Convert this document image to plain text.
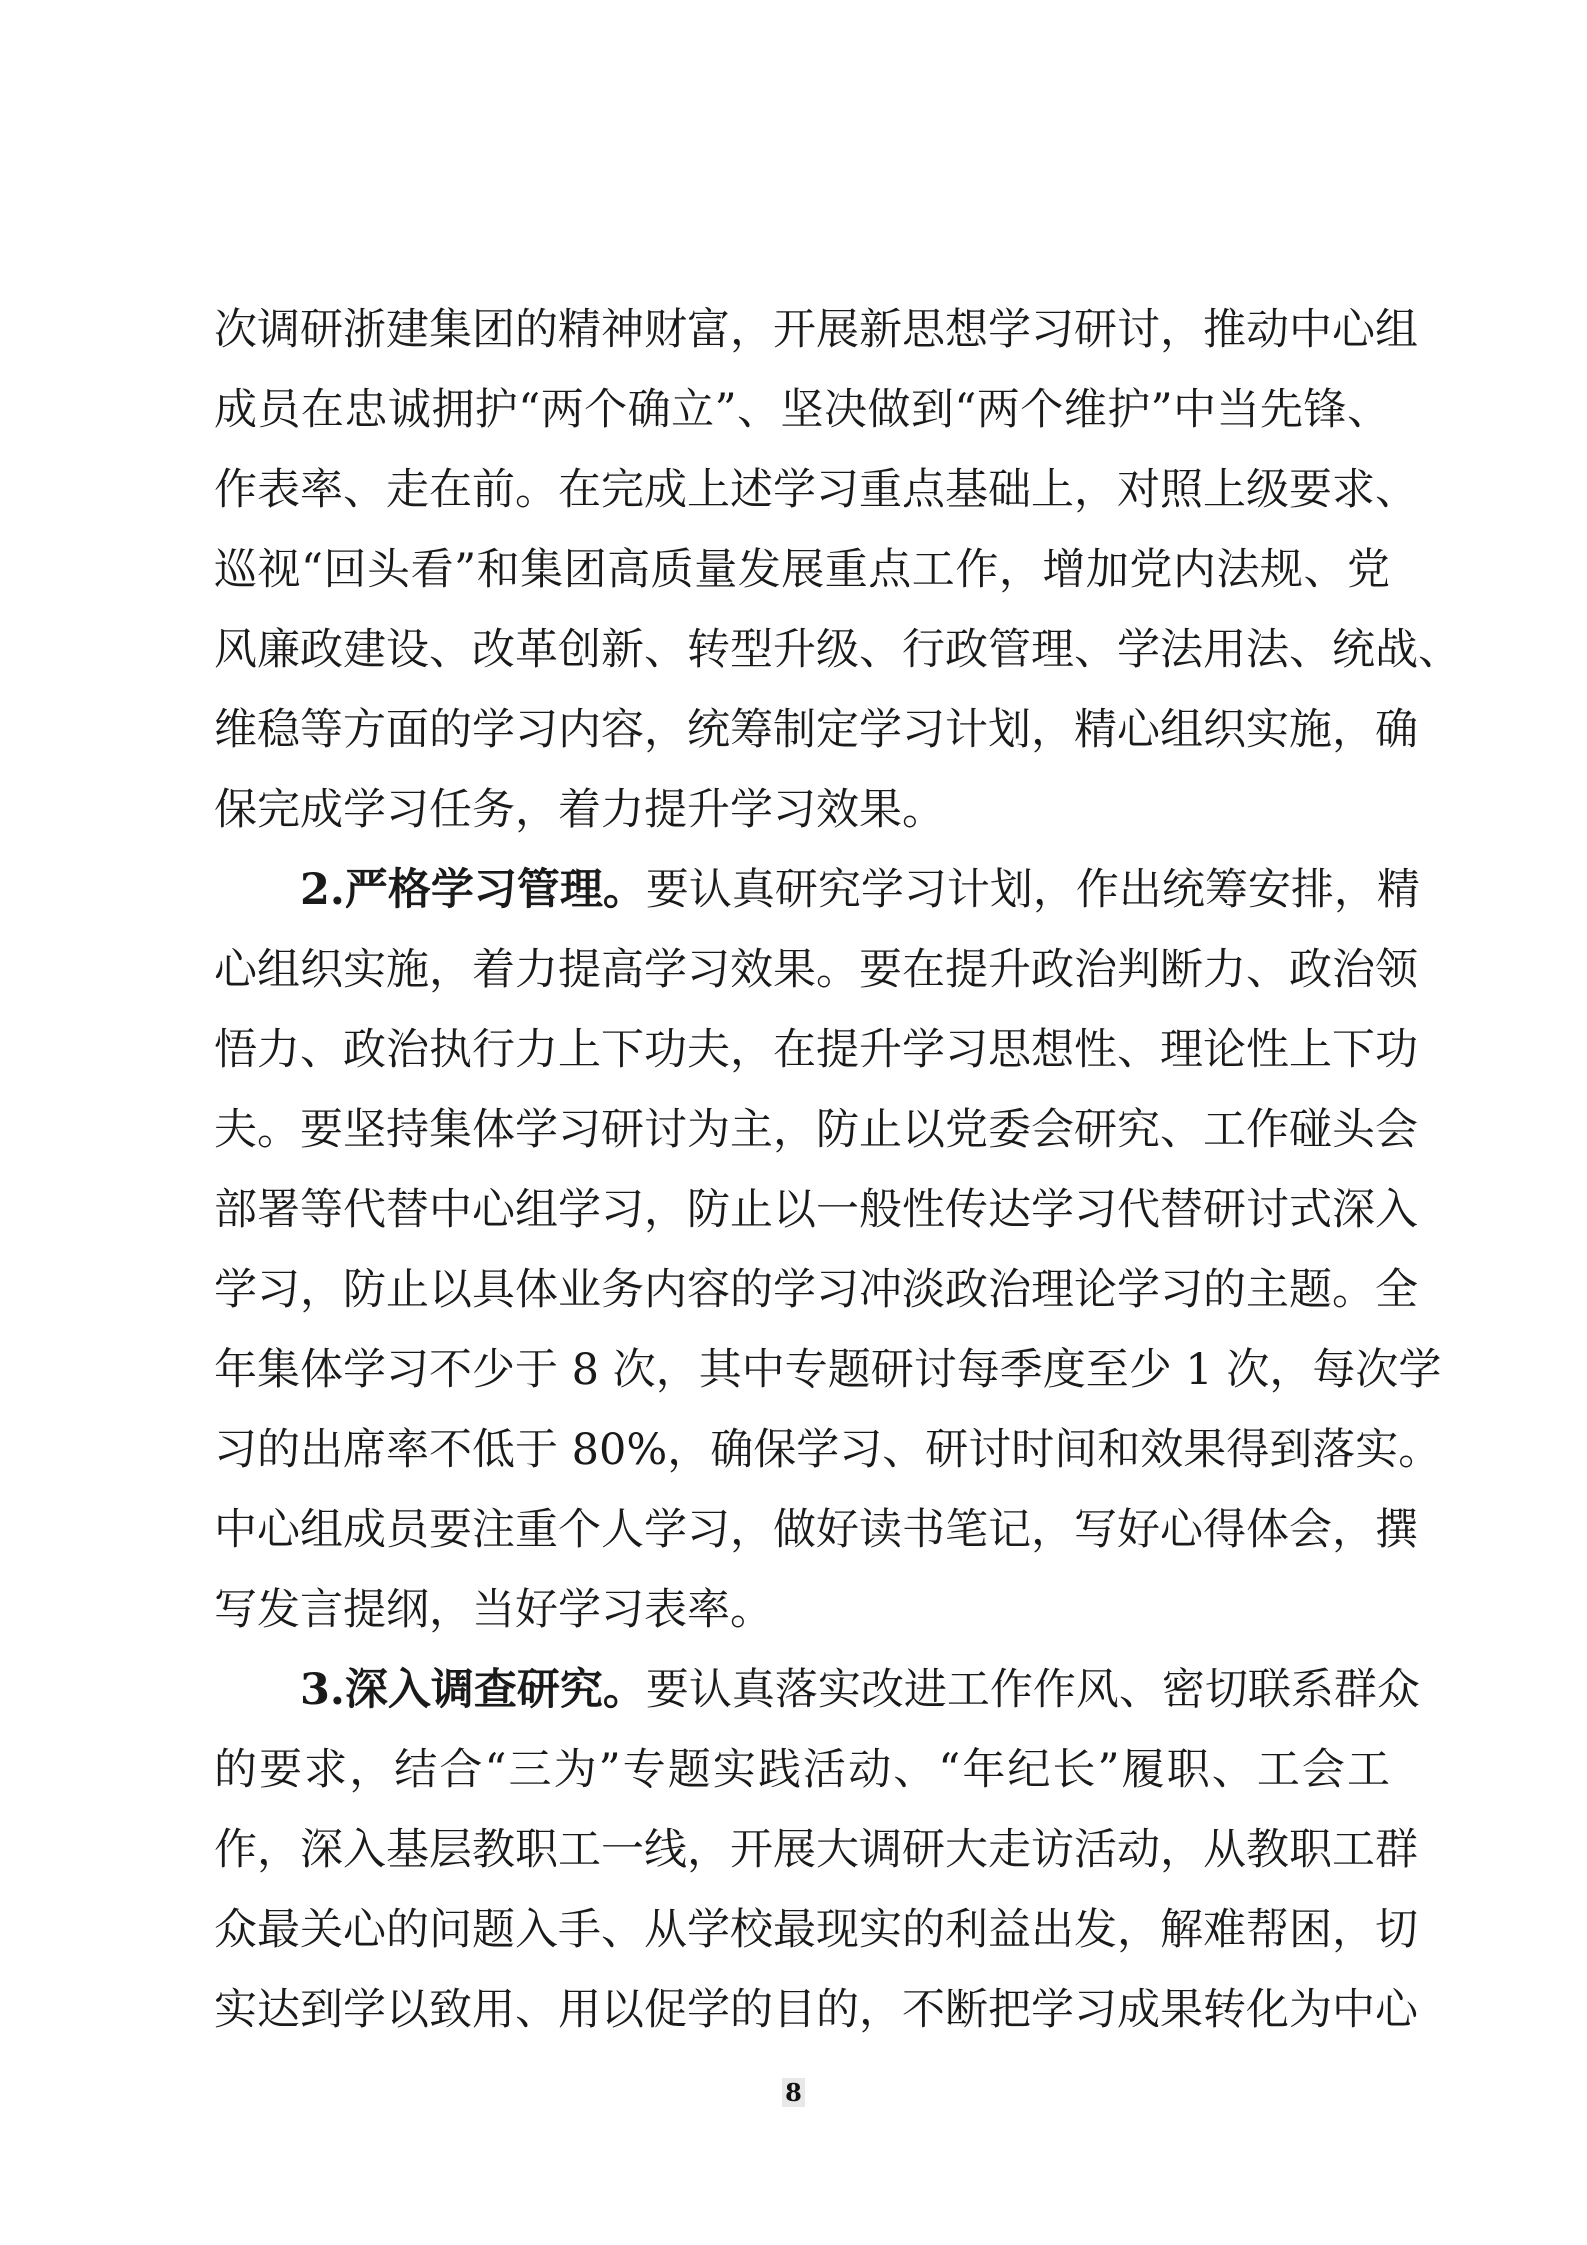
次调研浙建集团的精神财富，开展新思想学习研讨，推动中心组
成员在忠诚拥护“两个确立”、坚决做到“两个维护”中当先锋、
作表率、走在前。在完成上述学习重点基础上，对照上级要求、
巡视“回头看”和集团高质量发展重点工作，增加党内法规、党
风廉政建设、改革创新、转型升级、行政管理、学法用法、统战、
维稳等方面的学习内容，统筹制定学习计划，精心组织实施，确
保完成学习任务，着力提升学习效果。
2.严格学习管理。要认真研究学习计划，作出统筹安排，精
心组织实施，着力提高学习效果。要在提升政治判断力、政治领
悟力、政治执行力上下功夫，在提升学习思想性、理论性上下功
夫。要坚持集体学习研讨为主，防止以党委会研究、工作碰头会
部署等代替中心组学习，防止以一般性传达学习代替研讨式深入
学习，防止以具体业务内容的学习冲淡政治理论学习的主题。全
年集体学习不少于 8 次，其中专题研讨每季度至少 1 次，每次学
习的出席率不低于 80%，确保学习、研讨时间和效果得到落实。
中心组成员要注重个人学习，做好读书笔记，写好心得体会，撰
写发言提纲，当好学习表率。
3.深入调查研究。要认真落实改进工作作风、密切联系群众
的要求，结合“三为”专题实践活动、“年纪长”履职、工会工
作，深入基层教职工一线，开展大调研大走访活动，从教职工群
众最关心的问题入手、从学校最现实的利益出发，解难帮困，切
实达到学以致用、用以促学的目的，不断把学习成果转化为中心
8
